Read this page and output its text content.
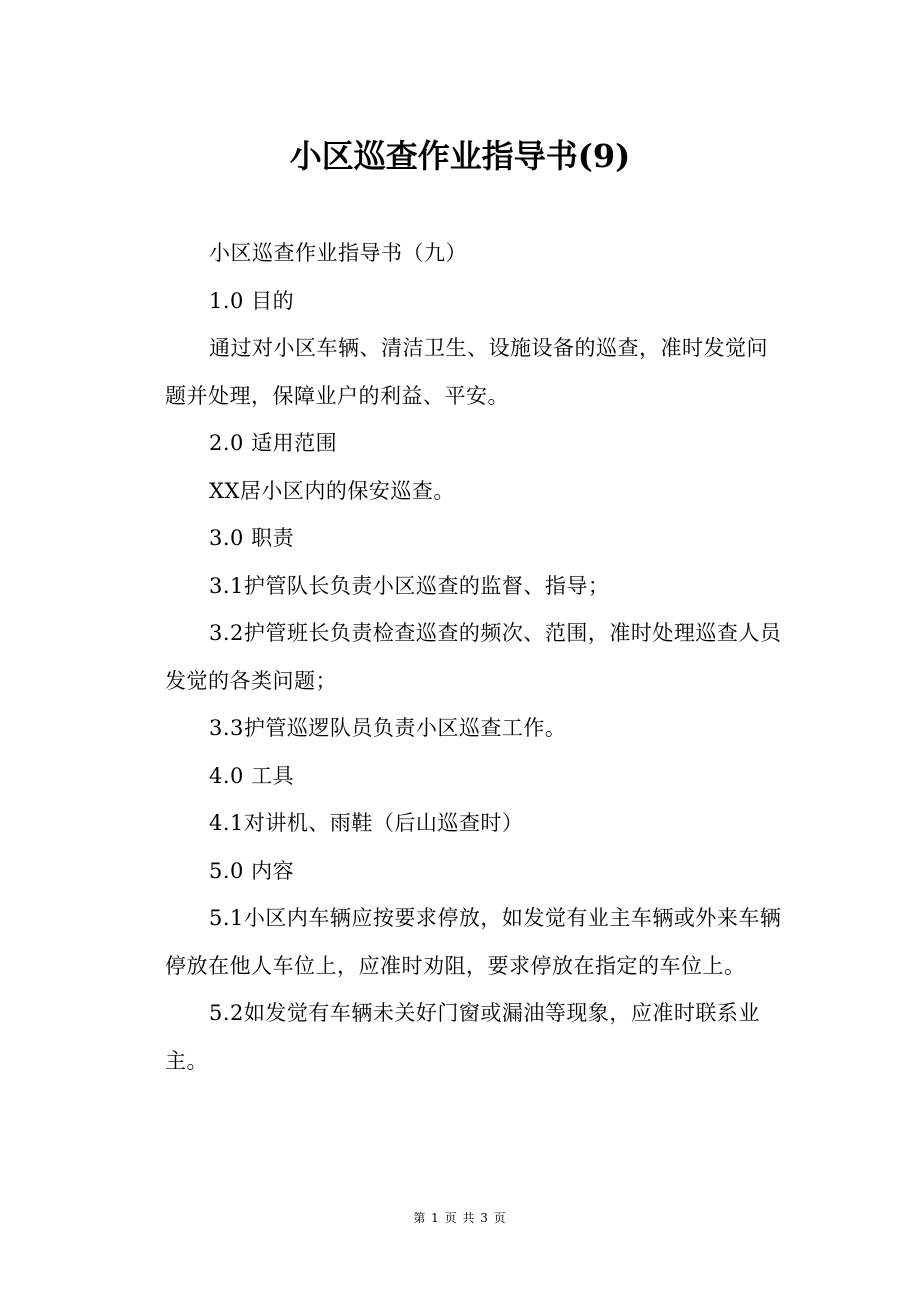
小区巡查作业指导书(9)

小区巡查作业指导书（九）

1.0 目的

通过对小区车辆、清洁卫生、设施设备的巡查，准时发觉问题并处理，保障业户的利益、平安。

2.0 适用范围

XX居小区内的保安巡查。

3.0 职责

3.1护管队长负责小区巡查的监督、指导；

3.2护管班长负责检查巡查的频次、范围，准时处理巡查人员发觉的各类问题；

3.3护管巡逻队员负责小区巡查工作。

4.0 工具

4.1对讲机、雨鞋（后山巡查时）

5.0 内容

5.1小区内车辆应按要求停放，如发觉有业主车辆或外来车辆停放在他人车位上，应准时劝阻，要求停放在指定的车位上。

5.2如发觉有车辆未关好门窗或漏油等现象，应准时联系业主。

第 1 页 共 3 页
